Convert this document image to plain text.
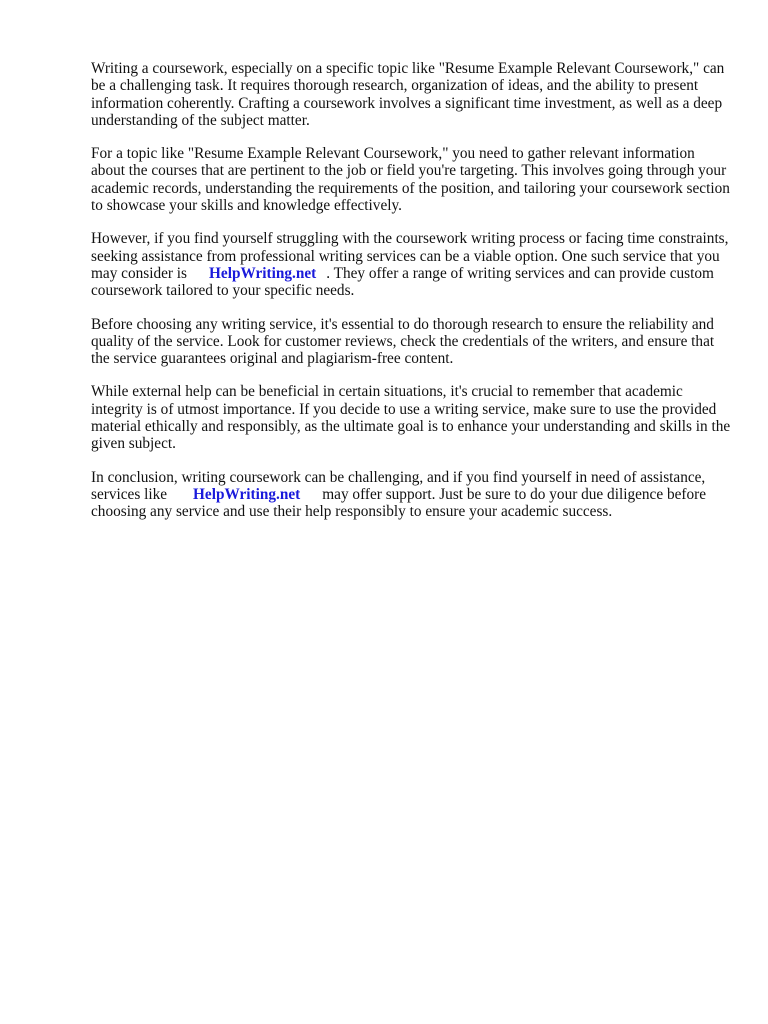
Writing a coursework, especially on a specific topic like "Resume Example Relevant Coursework," can be a challenging task. It requires thorough research, organization of ideas, and the ability to present information coherently. Crafting a coursework involves a significant time investment, as well as a deep understanding of the subject matter.

For a topic like "Resume Example Relevant Coursework," you need to gather relevant information about the courses that are pertinent to the job or field you're targeting. This involves going through your academic records, understanding the requirements of the position, and tailoring your coursework section to showcase your skills and knowledge effectively.

However, if you find yourself struggling with the coursework writing process or facing time constraints, seeking assistance from professional writing services can be a viable option. One such service that you may consider is HelpWriting.net . They offer a range of writing services and can provide custom coursework tailored to your specific needs.

Before choosing any writing service, it's essential to do thorough research to ensure the reliability and quality of the service. Look for customer reviews, check the credentials of the writers, and ensure that the service guarantees original and plagiarism-free content.

While external help can be beneficial in certain situations, it's crucial to remember that academic integrity is of utmost importance. If you decide to use a writing service, make sure to use the provided material ethically and responsibly, as the ultimate goal is to enhance your understanding and skills in the given subject.

In conclusion, writing coursework can be challenging, and if you find yourself in need of assistance, services like HelpWriting.net may offer support. Just be sure to do your due diligence before choosing any service and use their help responsibly to ensure your academic success.
